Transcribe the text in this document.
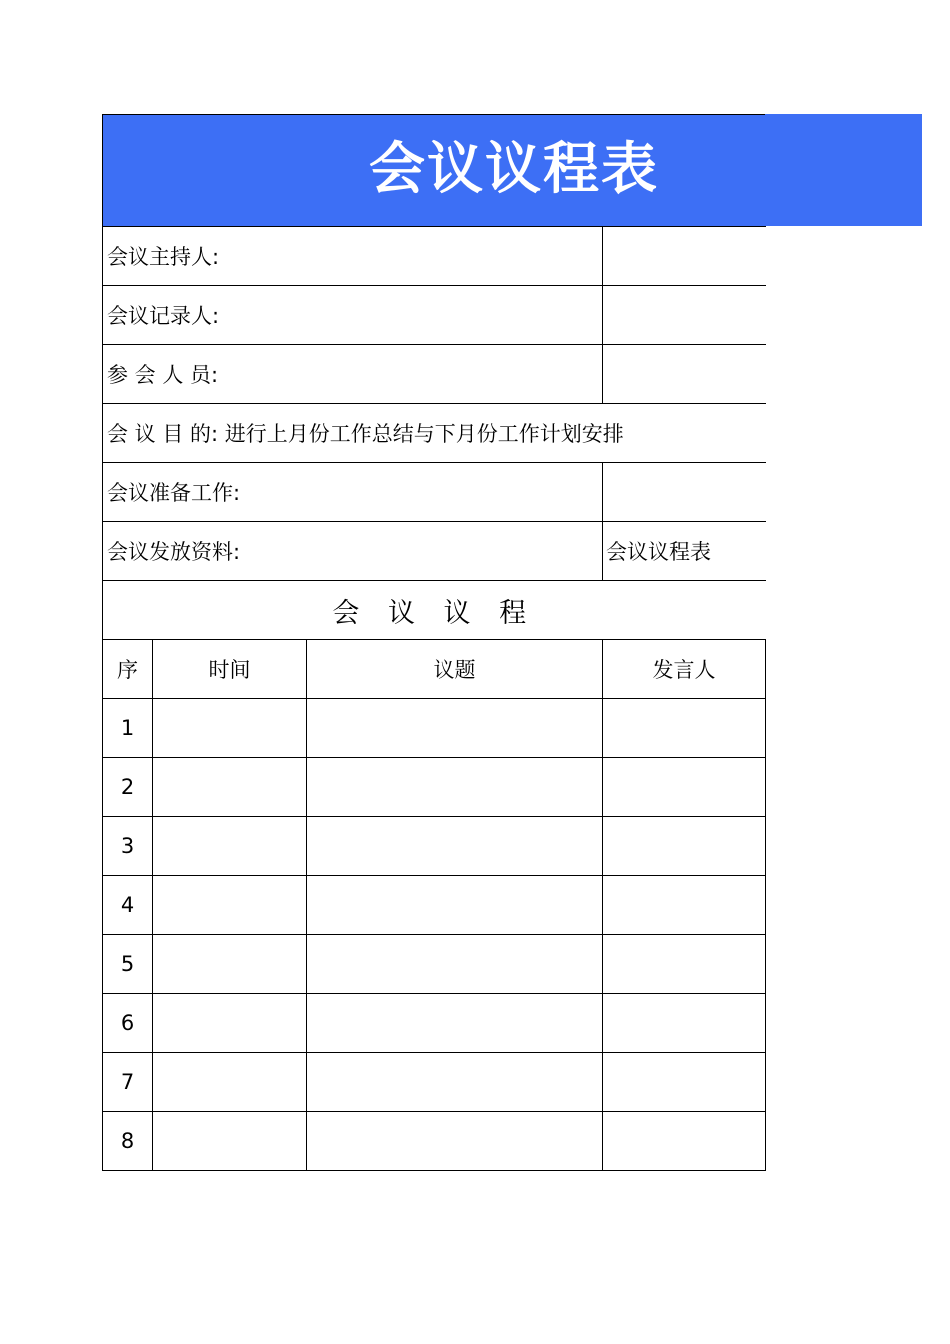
会议议程表
会议主持人:			
会议记录人:			
参 会 人 员:			
会 议 目 的: 进行上月份工作总结与下月份工作计划安排			
会议准备工作:			
会议发放资料:			会议议程表
会 议 议 程			
序	时间	议题	发言人
1			
2			
3			
4			
5			
6			
7			
8			
